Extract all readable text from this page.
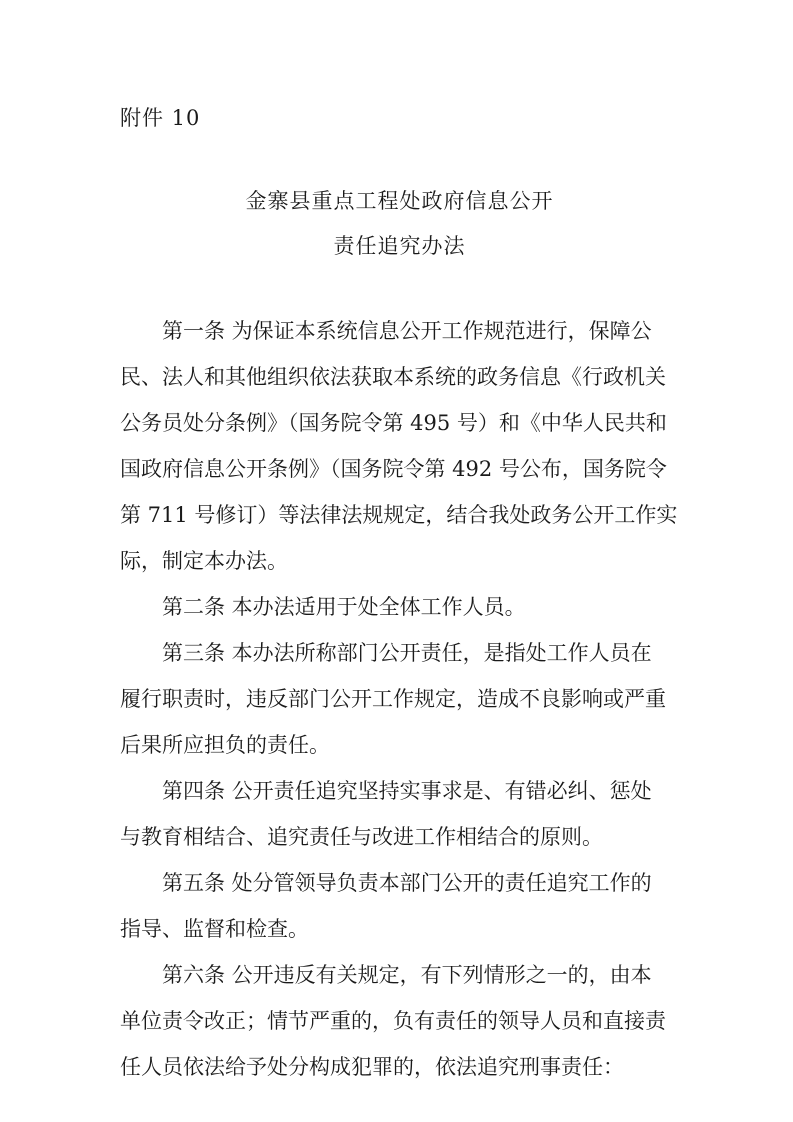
附件 10
金寨县重点工程处政府信息公开
责任追究办法
第一条 为保证本系统信息公开工作规范进行，保障公
民、法人和其他组织依法获取本系统的政务信息《行政机关
公务员处分条例》（国务院令第 495 号）和《中华人民共和
国政府信息公开条例》（国务院令第 492 号公布，国务院令
第 711 号修订）等法律法规规定，结合我处政务公开工作实
际，制定本办法。
第二条 本办法适用于处全体工作人员。
第三条 本办法所称部门公开责任，是指处工作人员在
履行职责时，违反部门公开工作规定，造成不良影响或严重
后果所应担负的责任。
第四条 公开责任追究坚持实事求是、有错必纠、惩处
与教育相结合、追究责任与改进工作相结合的原则。
第五条 处分管领导负责本部门公开的责任追究工作的
指导、监督和检查。
第六条 公开违反有关规定，有下列情形之一的，由本
单位责令改正；情节严重的，负有责任的领导人员和直接责
任人员依法给予处分构成犯罪的，依法追究刑事责任：
